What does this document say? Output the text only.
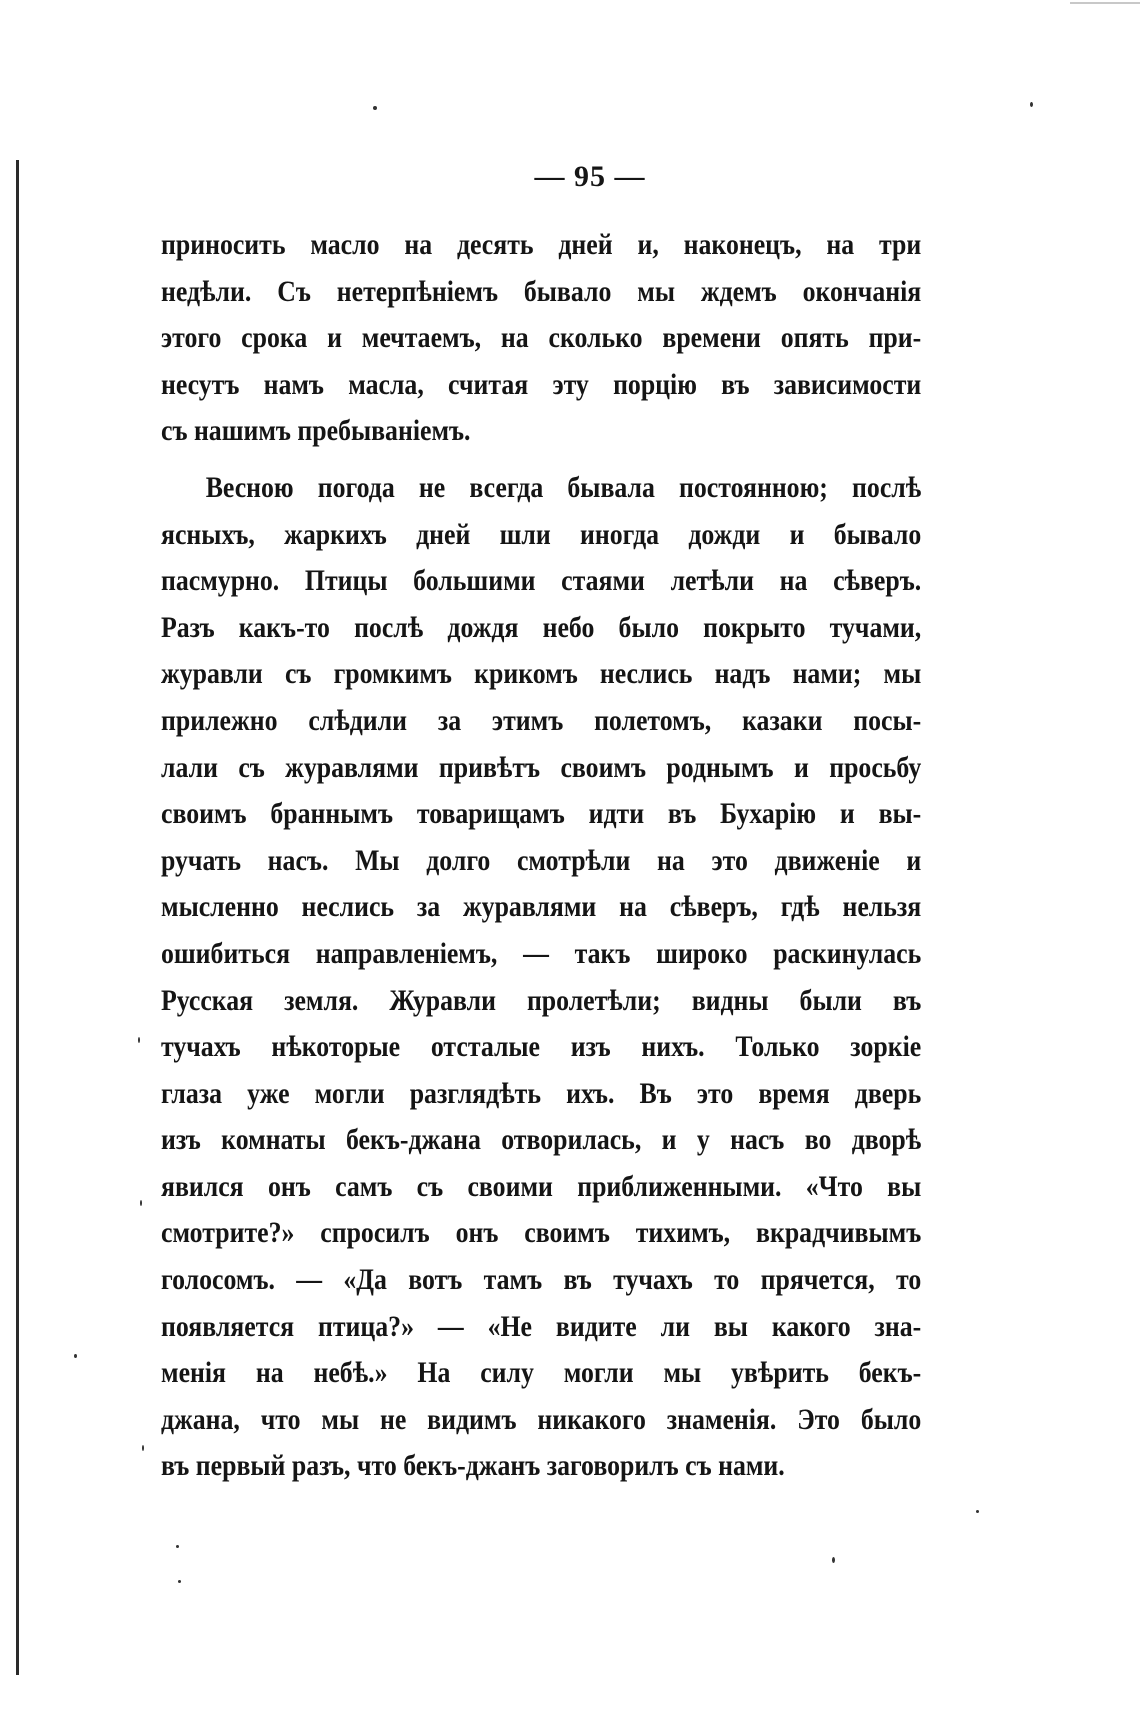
— 95 —
приносить масло на десять дней и, наконецъ, на три
недѣли. Съ нетерпѣніемъ бывало мы ждемъ окончанія
этого срока и мечтаемъ, на сколько времени опять при-
несутъ намъ масла, считая эту порцію въ зависимости
съ нашимъ пребываніемъ.
Весною погода не всегда бывала постоянною; послѣ
ясныхъ, жаркихъ дней шли иногда дожди и бывало
пасмурно. Птицы большими стаями летѣли на сѣверъ.
Разъ какъ-то послѣ дождя небо было покрыто тучами,
журавли съ громкимъ крикомъ неслись надъ нами; мы
прилежно слѣдили за этимъ полетомъ, казаки посы-
лали съ журавлями привѣтъ своимъ роднымъ и просьбу
своимъ браннымъ товарищамъ идти въ Бухарію и вы-
ручать насъ. Мы долго смотрѣли на это движеніе и
мысленно неслись за журавлями на сѣверъ, гдѣ нельзя
ошибиться направленіемъ, — такъ широко раскинулась
Русская земля. Журавли пролетѣли; видны были въ
тучахъ нѣкоторые отсталые изъ нихъ. Только зоркіе
глаза уже могли разглядѣть ихъ. Въ это время дверь
изъ комнаты бекъ-джана отворилась, и у насъ во дворѣ
явился онъ самъ съ своими приближенными. «Что вы
смотрите?» спросилъ онъ своимъ тихимъ, вкрадчивымъ
голосомъ. — «Да вотъ тамъ въ тучахъ то прячется, то
появляется птица?» — «Не видите ли вы какого зна-
менія на небѣ.» На силу могли мы увѣрить бекъ-
джана, что мы не видимъ никакого знаменія. Это было
въ первый разъ, что бекъ-джанъ заговорилъ съ нами.
